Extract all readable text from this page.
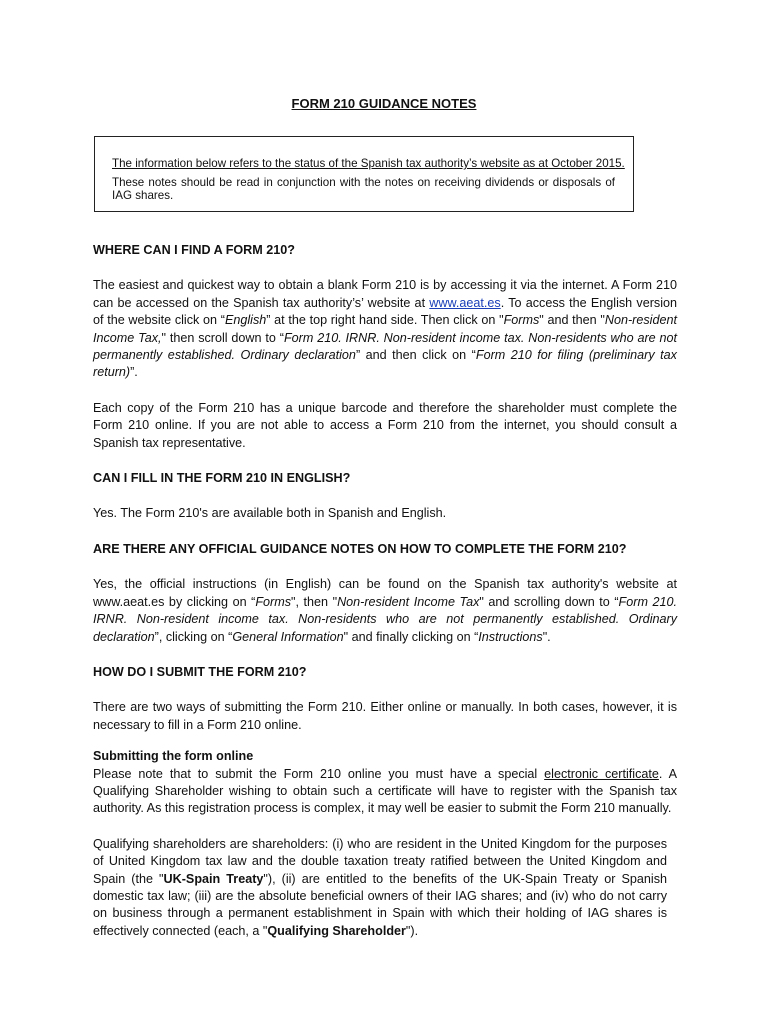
FORM 210 GUIDANCE NOTES
The information below refers to the status of the Spanish tax authority’s website as at October 2015.
These notes should be read in conjunction with the notes on receiving dividends or disposals of IAG shares.

WHERE CAN I FIND A FORM 210?

The easiest and quickest way to obtain a blank Form 210 is by accessing it via the internet. A Form 210 can be accessed on the Spanish tax authority’s’ website at www.aeat.es. To access the English version of the website click on “English” at the top right hand side. Then click on "Forms" and then "Non-resident Income Tax," then scroll down to “Form 210. IRNR. Non-resident income tax. Non-residents who are not permanently established. Ordinary declaration” and then click on “Form 210 for filing (preliminary tax return)”.

Each copy of the Form 210 has a unique barcode and therefore the shareholder must complete the Form 210 online. If you are not able to access a Form 210 from the internet, you should consult a Spanish tax representative.

CAN I FILL IN THE FORM 210 IN ENGLISH?

Yes. The Form 210's are available both in Spanish and English.

ARE THERE ANY OFFICIAL GUIDANCE NOTES ON HOW TO COMPLETE THE FORM 210?

Yes, the official instructions (in English) can be found on the Spanish tax authority's website at www.aeat.es by clicking on “Forms", then "Non-resident Income Tax" and scrolling down to “Form 210. IRNR. Non-resident income tax. Non-residents who are not permanently established. Ordinary declaration”, clicking on “General Information" and finally clicking on “Instructions".

HOW DO I SUBMIT THE FORM 210?

There are two ways of submitting the Form 210. Either online or manually. In both cases, however, it is necessary to fill in a Form 210 online.

Submitting the form online

Please note that to submit the Form 210 online you must have a special electronic certificate. A Qualifying Shareholder wishing to obtain such a certificate will have to register with the Spanish tax authority. As this registration process is complex, it may well be easier to submit the Form 210 manually.

Qualifying shareholders are shareholders: (i) who are resident in the United Kingdom for the purposes of United Kingdom tax law and the double taxation treaty ratified between the United Kingdom and Spain (the "UK-Spain Treaty"), (ii) are entitled to the benefits of the UK-Spain Treaty or Spanish domestic tax law; (iii) are the absolute beneficial owners of their IAG shares; and (iv) who do not carry on business through a permanent establishment in Spain with which their holding of IAG shares is effectively connected (each, a "Qualifying Shareholder").
